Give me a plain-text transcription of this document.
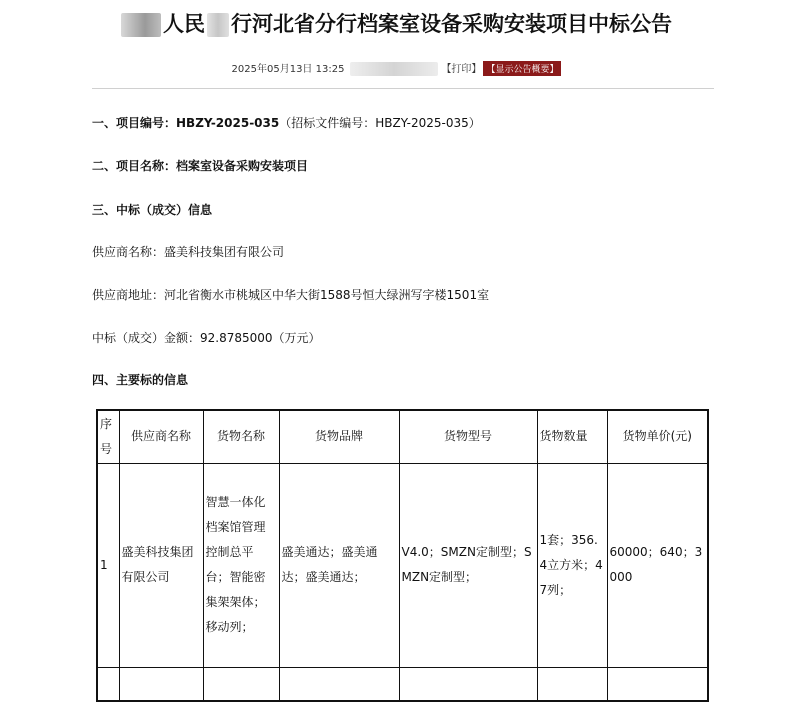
人民 行河北省分行档案室设备采购安装项目中标公告
2025年05月13日 13:25	【打印】 【显示公告概要】
一、项目编号：HBZY-2025-035（招标文件编号：HBZY-2025-035）
二、项目名称：档案室设备采购安装项目
三、中标（成交）信息
供应商名称：盛美科技集团有限公司
供应商地址：河北省衡水市桃城区中华大街1588号恒大绿洲写字楼1501室
中标（成交）金额：92.8785000（万元）
四、主要标的信息
序号	供应商名称	货物名称	货物品牌	货物型号	货物数量	货物单价(元)
1	盛美科技集团有限公司	智慧一体化档案馆管理控制总平台；智能密集架架体；移动列；	盛美通达；盛美通达；盛美通达；	V4.0；SMZN定制型；SMZN定制型；	1套；356.4立方米；47列；	60000；640；3000
